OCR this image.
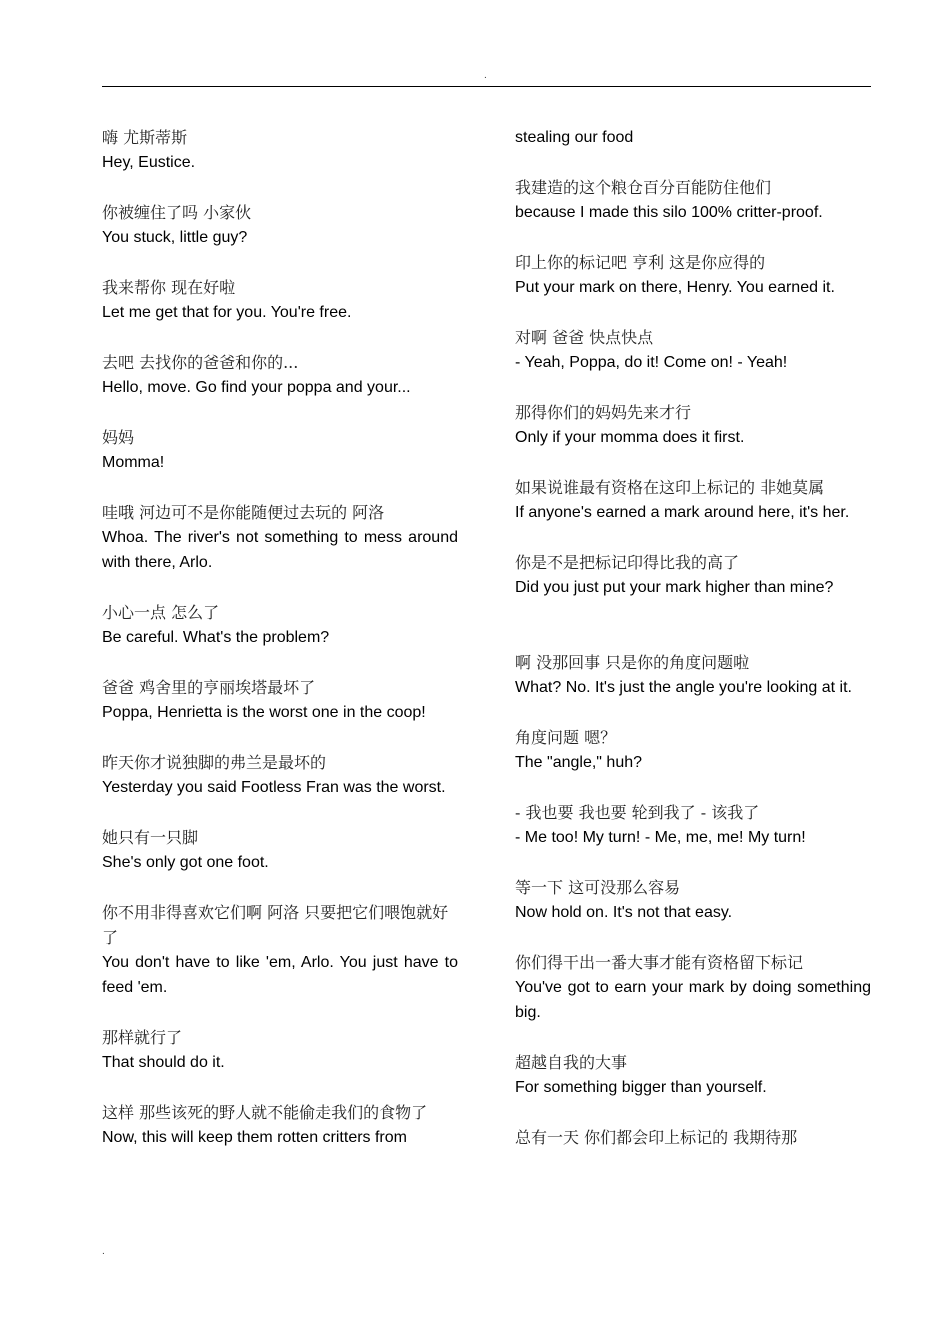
.
嗨 尤斯蒂斯
Hey, Eustice.
你被缠住了吗 小家伙
You stuck, little guy?
我来帮你 现在好啦
Let me get that for you. You're free.
去吧 去找你的爸爸和你的...
Hello, move. Go find your poppa and your...
妈妈
Momma!
哇哦 河边可不是你能随便过去玩的 阿洛
Whoa. The river's not something to mess around with there, Arlo.
小心一点 怎么了
Be careful. What's the problem?
爸爸 鸡舍里的亨丽埃塔最坏了
Poppa, Henrietta is the worst one in the coop!
昨天你才说独脚的弗兰是最坏的
Yesterday you said Footless Fran was the worst.
她只有一只脚
She's only got one foot.
你不用非得喜欢它们啊 阿洛 只要把它们喂饱就好了
You don't have to like 'em, Arlo. You just have to feed 'em.
那样就行了
That should do it.
这样 那些该死的野人就不能偷走我们的食物了
Now, this will keep them rotten critters from
stealing our food
我建造的这个粮仓百分百能防住他们
because I made this silo 100% critter-proof.
印上你的标记吧 亨利 这是你应得的
Put your mark on there, Henry. You earned it.
对啊 爸爸 快点快点
- Yeah, Poppa, do it! Come on! - Yeah!
那得你们的妈妈先来才行
Only if your momma does it first.
如果说谁最有资格在这印上标记的 非她莫属
If anyone's earned a mark around here, it's her.
你是不是把标记印得比我的高了
Did you just put your mark higher than mine?
啊 没那回事 只是你的角度问题啦
What? No. It's just the angle you're looking at it.
角度问题 嗯？
The "angle," huh?
- 我也要 我也要 轮到我了 - 该我了
- Me too! My turn! - Me, me, me! My turn!
等一下 这可没那么容易
Now hold on. It's not that easy.
你们得干出一番大事才能有资格留下标记
You've got to earn your mark by doing something big.
超越自我的大事
For something bigger than yourself.
总有一天 你们都会印上标记的 我期待那
.
